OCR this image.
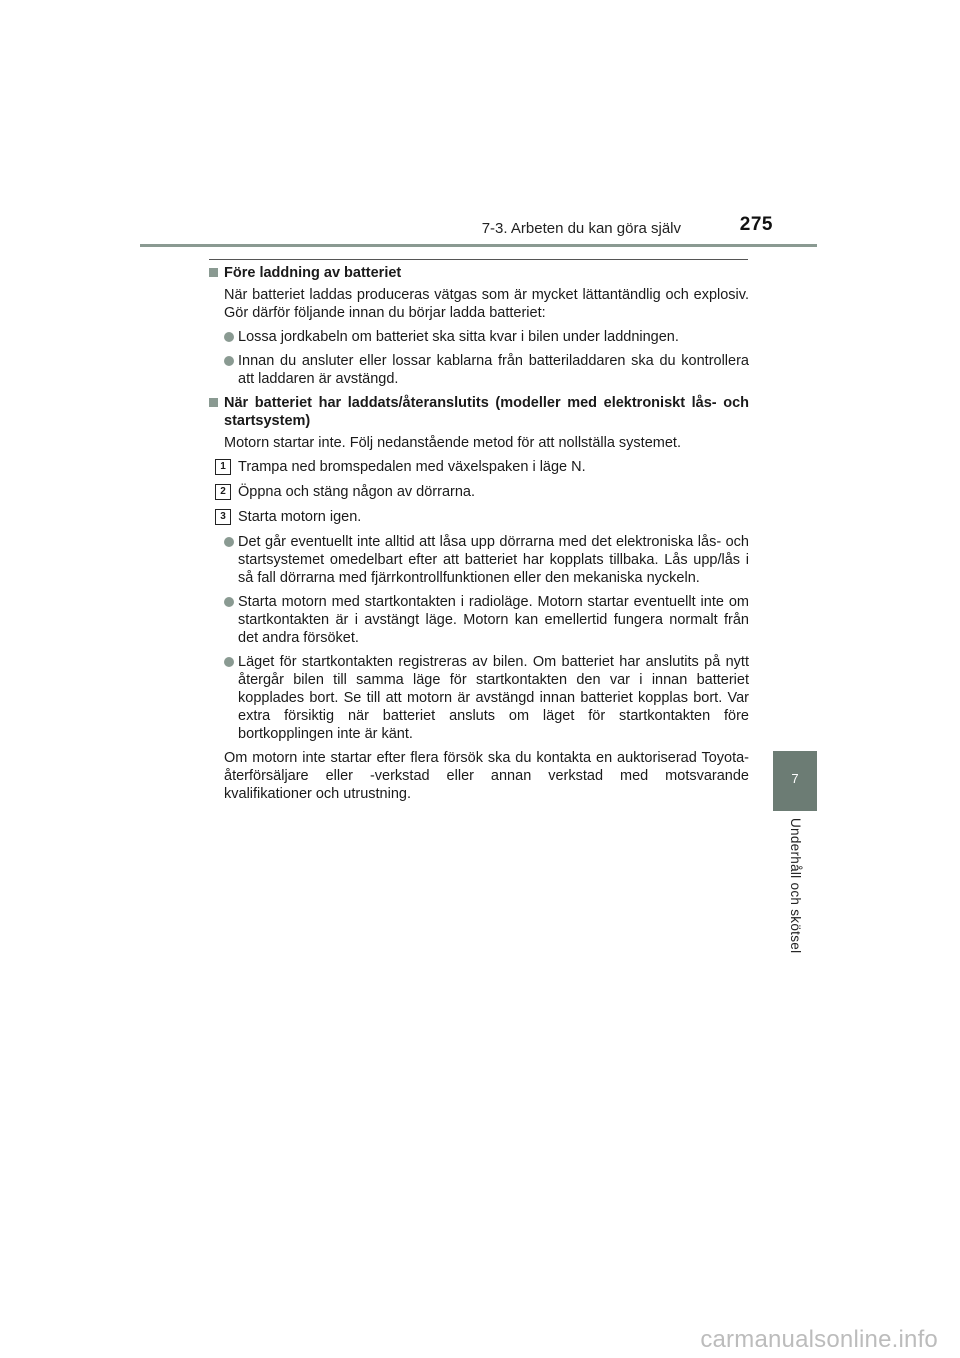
7-3. Arbeten du kan göra själv	275
Före laddning av batteriet
När batteriet laddas produceras vätgas som är mycket lättantändlig och explosiv. Gör därför följande innan du börjar ladda batteriet:
Lossa jordkabeln om batteriet ska sitta kvar i bilen under laddningen.
Innan du ansluter eller lossar kablarna från batteriladdaren ska du kontrollera att laddaren är avstängd.
När batteriet har laddats/återanslutits (modeller med elektroniskt lås- och startsystem)
Motorn startar inte. Följ nedanstående metod för att nollställa systemet.
1 Trampa ned bromspedalen med växelspaken i läge N.
2 Öppna och stäng någon av dörrarna.
3 Starta motorn igen.
Det går eventuellt inte alltid att låsa upp dörrarna med det elektroniska lås- och startsystemet omedelbart efter att batteriet har kopplats tillbaka. Lås upp/lås i så fall dörrarna med fjärrkontrollfunktionen eller den mekaniska nyckeln.
Starta motorn med startkontakten i radioläge. Motorn startar eventuellt inte om startkontakten är i avstängt läge. Motorn kan emellertid fungera normalt från det andra försöket.
Läget för startkontakten registreras av bilen. Om batteriet har anslutits på nytt återgår bilen till samma läge för startkontakten den var i innan batteriet kopplades bort. Se till att motorn är avstängd innan batteriet kopplas bort. Var extra försiktig när batteriet ansluts om läget för startkontakten före bortkopplingen inte är känt.
Om motorn inte startar efter flera försök ska du kontakta en auktoriserad Toyota-återförsäljare eller -verkstad eller annan verkstad med motsvarande kvalifikationer och utrustning.
7
Underhåll och skötsel
carmanualsonline.info
